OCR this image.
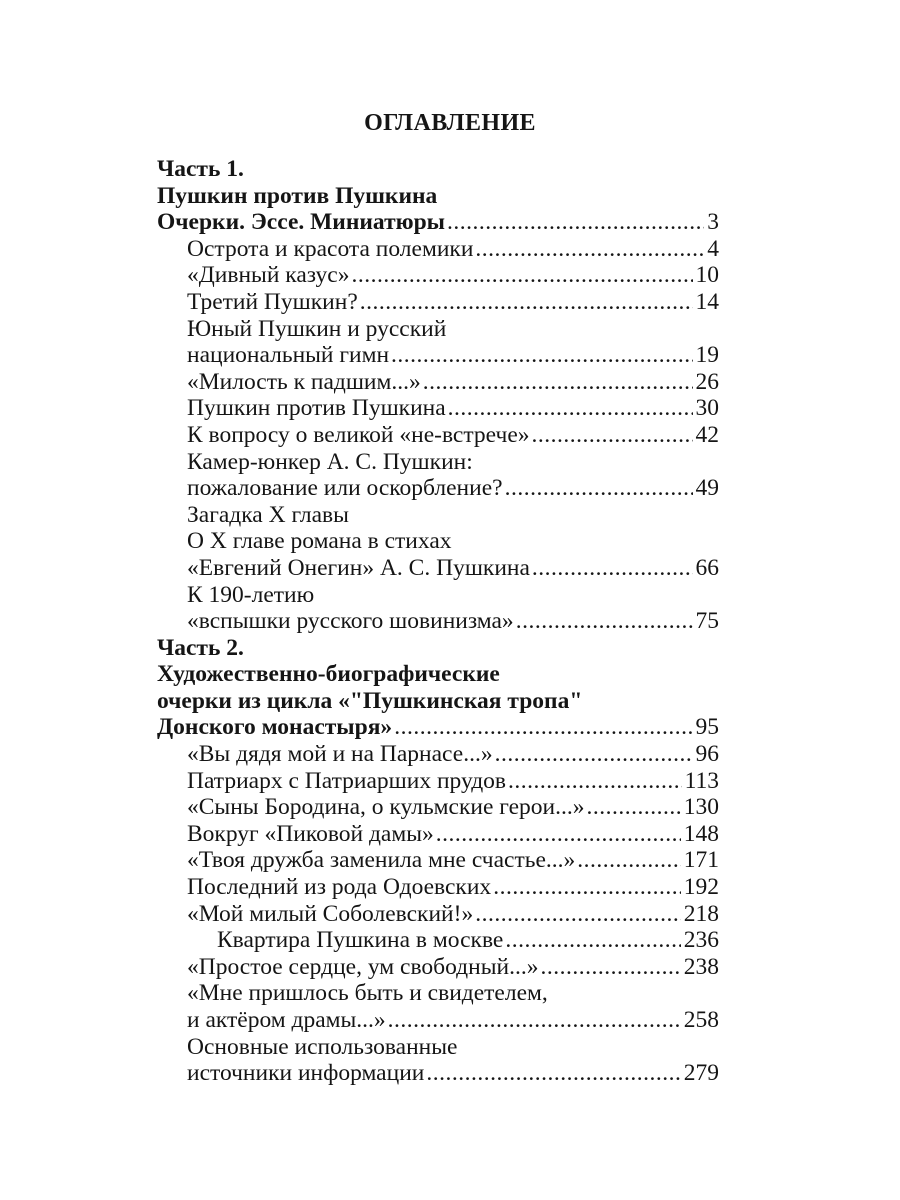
ОГЛАВЛЕНИЕ
Часть 1.
Пушкин против Пушкина
Очерки. Эссе. Миниатюры .....	3
Острота и красота полемики .....	4
«Дивный казус» .....	10
Третий Пушкин? .....	14
Юный Пушкин и русский
национальный гимн .....	19
«Милость к падшим...» .....	26
Пушкин против Пушкина .....	30
К вопросу о великой «не-встрече» .....	42
Камер-юнкер А. С. Пушкин:
пожалование или оскорбление? .....	49
Загадка X главы
О X главе романа в стихах
«Евгений Онегин» А. С. Пушкина .....	66
К 190-летию
«вспышки русского шовинизма» .....	75
Часть 2.
Художественно-биографические
очерки из цикла «"Пушкинская тропа"
Донского монастыря» .....	95
«Вы дядя мой и на Парнасе...» .....	96
Патриарх с Патриарших прудов .....	113
«Сыны Бородина, о кульмские герои...» .....	130
Вокруг «Пиковой дамы» .....	148
«Твоя дружба заменила мне счастье...» .....	171
Последний из рода Одоевских .....	192
«Мой милый Соболевский!» .....	218
Квартира Пушкина в москве .....	236
«Простое сердце, ум свободный...» .....	238
«Мне пришлось быть и свидетелем,
и актёром драмы...» .....	258
Основные использованные
источники информации .....	279
